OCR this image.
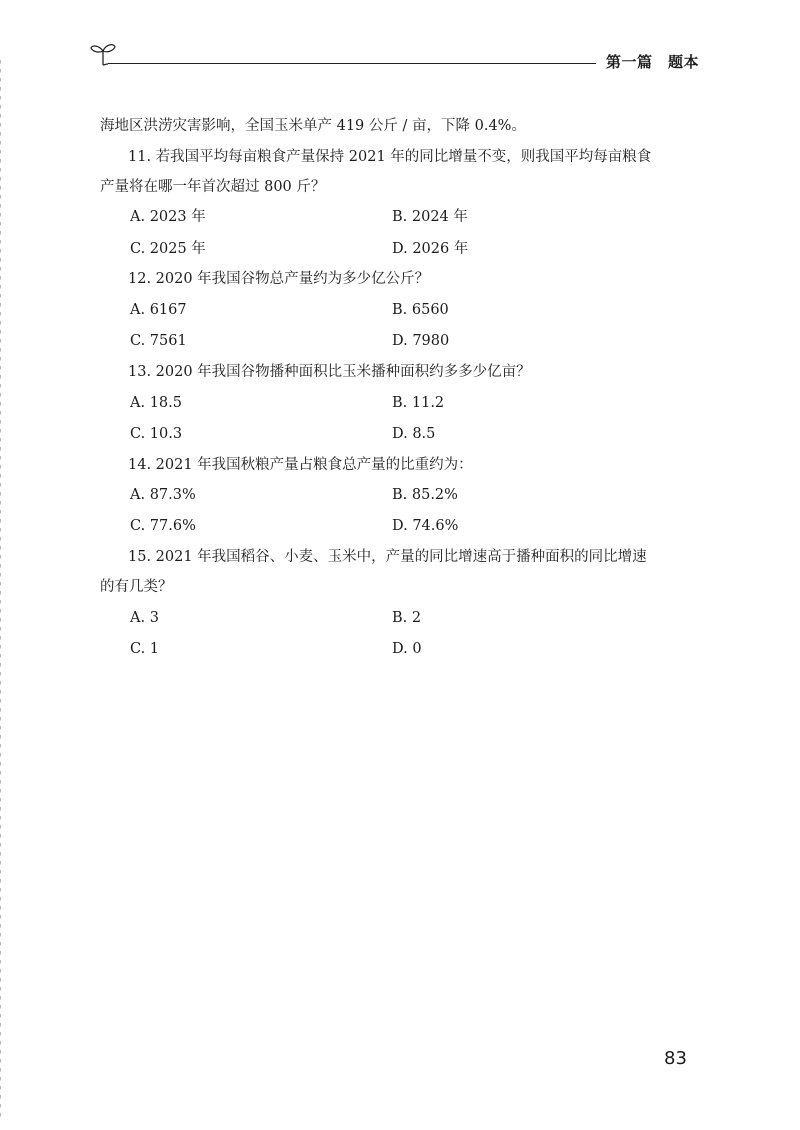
第一篇　题本
海地区洪涝灾害影响，全国玉米单产 419 公斤 / 亩，下降 0.4%。
11. 若我国平均每亩粮食产量保持 2021 年的同比增量不变，则我国平均每亩粮食
产量将在哪一年首次超过 800 斤？
A. 2023 年	B. 2024 年
C. 2025 年	D. 2026 年
12. 2020 年我国谷物总产量约为多少亿公斤？
A. 6167	B. 6560
C. 7561	D. 7980
13. 2020 年我国谷物播种面积比玉米播种面积约多多少亿亩？
A. 18.5	B. 11.2
C. 10.3	D. 8.5
14. 2021 年我国秋粮产量占粮食总产量的比重约为：
A. 87.3%	B. 85.2%
C. 77.6%	D. 74.6%
15. 2021 年我国稻谷、小麦、玉米中，产量的同比增速高于播种面积的同比增速
的有几类？
A. 3	B. 2
C. 1	D. 0
83
